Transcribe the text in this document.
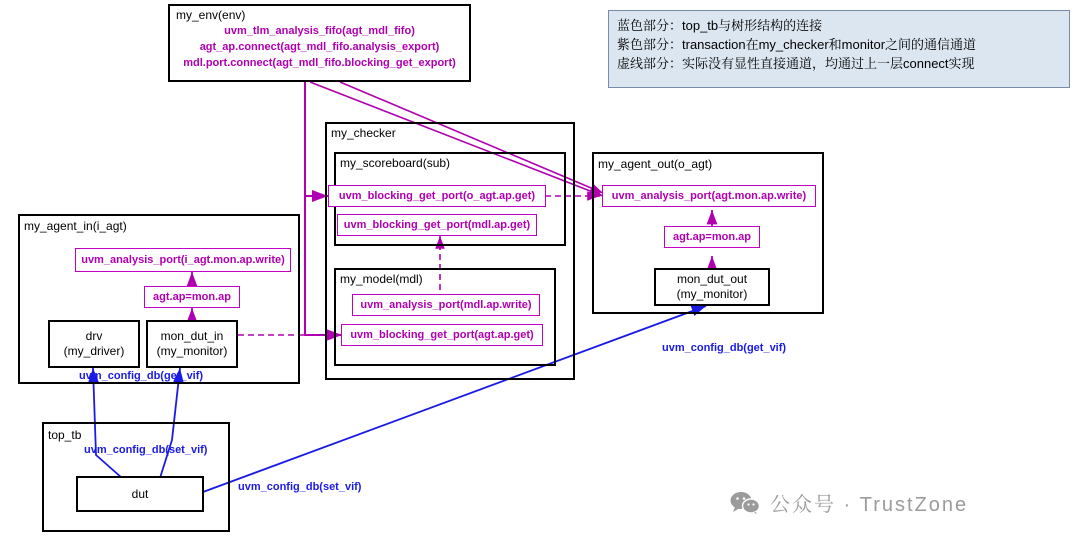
蓝色部分：top_tb与树形结构的连接
紫色部分：transaction在my_checker和monitor之间的通信通道
虚线部分：实际没有显性直接通道，均通过上一层connect实现
my_env(env)
uvm_tlm_analysis_fifo(agt_mdl_fifo)
agt_ap.connect(agt_mdl_fifo.analysis_export)
mdl.port.connect(agt_mdl_fifo.blocking_get_export)
my_checker
my_scoreboard(sub)
uvm_blocking_get_port(o_agt.ap.get)
uvm_blocking_get_port(mdl.ap.get)
my_model(mdl)
uvm_analysis_port(mdl.ap.write)
uvm_blocking_get_port(agt.ap.get)
my_agent_out(o_agt)
uvm_analysis_port(agt.mon.ap.write)
agt.ap=mon.ap
mon_dut_out
(my_monitor)
my_agent_in(i_agt)
uvm_analysis_port(i_agt.mon.ap.write)
agt.ap=mon.ap
drv
(my_driver)
mon_dut_in
(my_monitor)
top_tb
dut
uvm_config_db(get_vif)
uvm_config_db(get_vif)
uvm_config_db(set_vif)
uvm_config_db(set_vif)
公众号 · TrustZone
